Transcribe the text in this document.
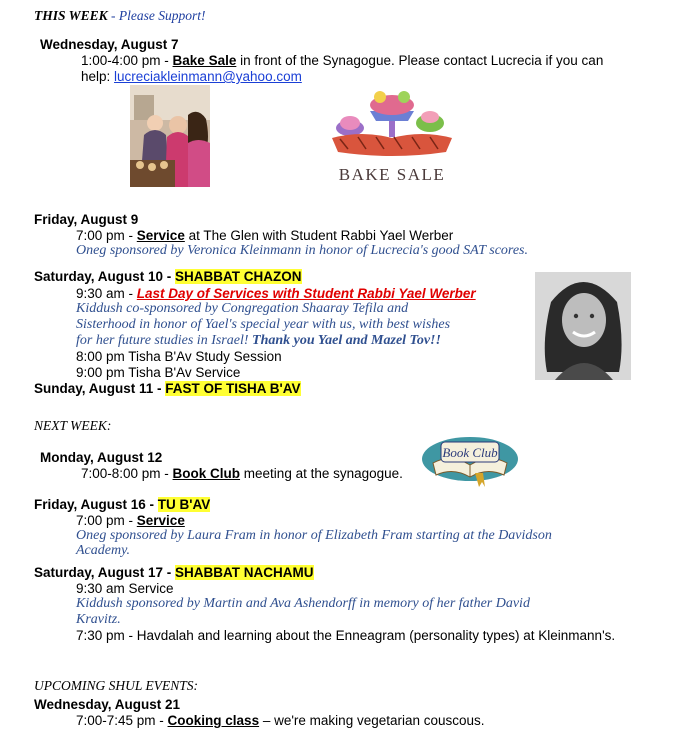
THIS WEEK - Please Support!
Wednesday, August 7
1:00-4:00 pm - Bake Sale in front of the Synagogue. Please contact Lucrecia if you can
help: lucreciakleinmann@yahoo.com
BAKE SALE
Friday, August 9
7:00 pm - Service at The Glen with Student Rabbi Yael Werber
Oneg sponsored by Veronica Kleinmann in honor of Lucrecia's good SAT scores.
Saturday, August 10 - SHABBAT CHAZON
9:30 am - Last Day of Services with Student Rabbi Yael Werber
Kiddush co-sponsored by Congregation Shaaray Tefila and
Sisterhood in honor of Yael's special year with us, with best wishes
for her future studies in Israel! Thank you Yael and Mazel Tov!!
8:00 pm Tisha B'Av Study Session
9:00 pm Tisha B'Av Service
Sunday, August 11 - FAST OF TISHA B'AV
NEXT WEEK:
Monday, August 12
7:00-8:00 pm - Book Club meeting at the synagogue.
Book Club
Friday, August 16 - TU B'AV
7:00 pm - Service
Oneg sponsored by Laura Fram in honor of Elizabeth Fram starting at the Davidson
Academy.
Saturday, August 17 - SHABBAT NACHAMU
9:30 am Service
Kiddush sponsored by Martin and Ava Ashendorff in memory of her father David
Kravitz.
7:30 pm - Havdalah and learning about the Enneagram (personality types) at Kleinmann's.
UPCOMING SHUL EVENTS:
Wednesday, August 21
7:00-7:45 pm - Cooking class – we're making vegetarian couscous.
